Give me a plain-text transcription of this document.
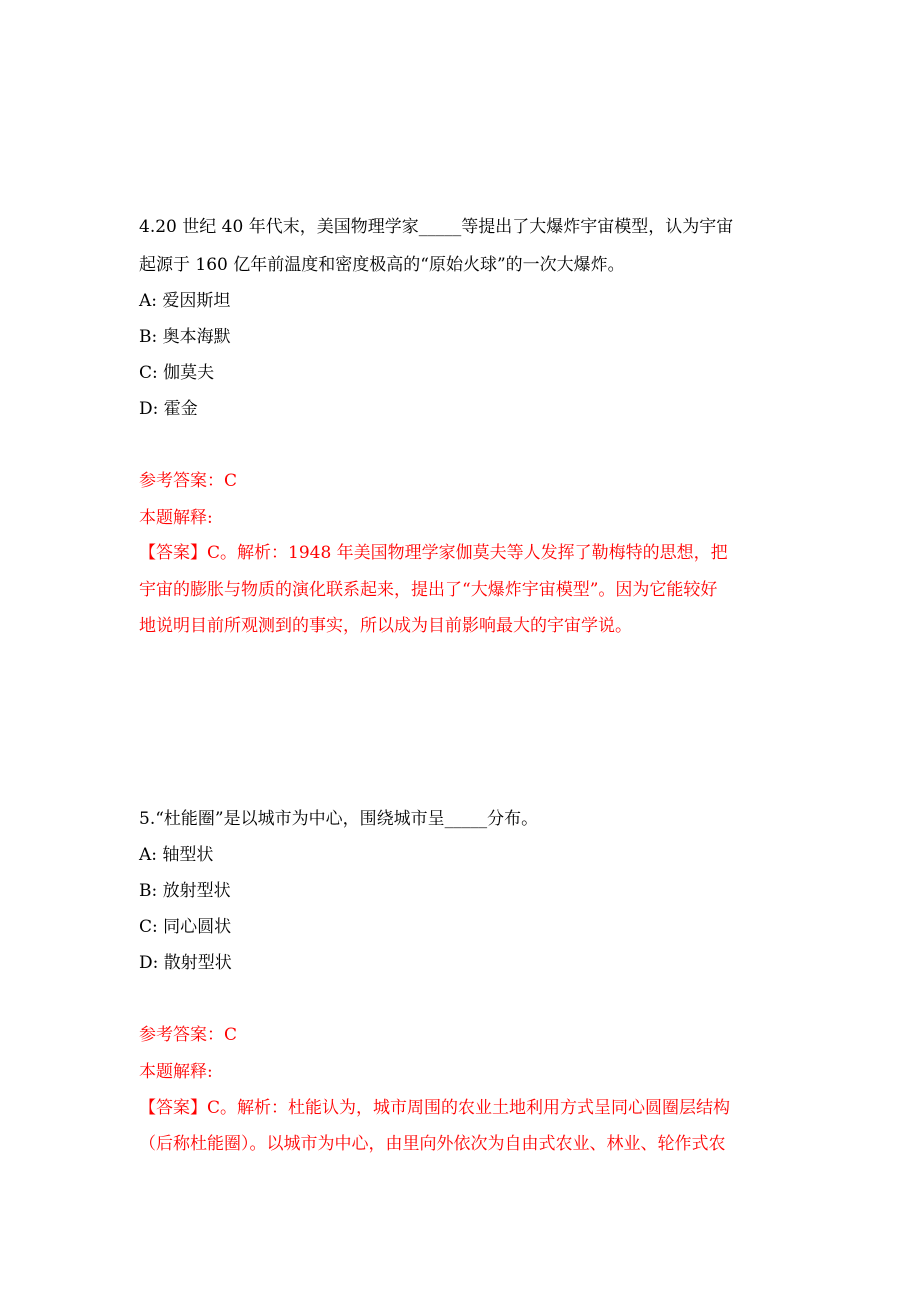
4.20 世纪 40 年代末，美国物理学家_____等提出了大爆炸宇宙模型，认为宇宙
起源于 160 亿年前温度和密度极高的“原始火球”的一次大爆炸。
A: 爱因斯坦
B: 奥本海默
C: 伽莫夫
D: 霍金
参考答案：C
本题解释:
【答案】C。解析：1948 年美国物理学家伽莫夫等人发挥了勒梅特的思想，把
宇宙的膨胀与物质的演化联系起来，提出了“大爆炸宇宙模型”。因为它能较好
地说明目前所观测到的事实，所以成为目前影响最大的宇宙学说。
5.“杜能圈”是以城市为中心，围绕城市呈_____分布。
A: 轴型状
B: 放射型状
C: 同心圆状
D: 散射型状
参考答案：C
本题解释:
【答案】C。解析：杜能认为，城市周围的农业土地利用方式呈同心圆圈层结构
（后称杜能圈）。以城市为中心，由里向外依次为自由式农业、林业、轮作式农
